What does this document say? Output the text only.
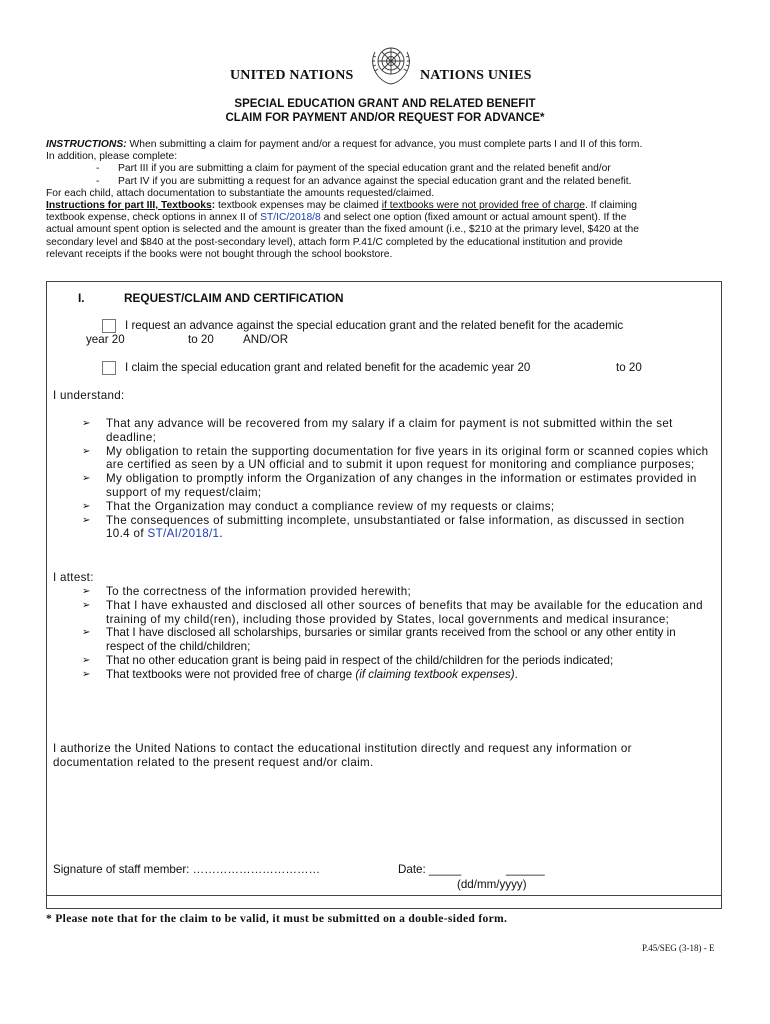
UNITED NATIONS	NATIONS UNIES
SPECIAL EDUCATION GRANT AND RELATED BENEFIT
CLAIM FOR PAYMENT AND/OR REQUEST FOR ADVANCE*
INSTRUCTIONS: When submitting a claim for payment and/or a request for advance, you must complete parts I and II of this form.
In addition, please complete:
- Part III if you are submitting a claim for payment of the special education grant and the related benefit and/or
- Part IV if you are submitting a request for an advance against the special education grant and the related benefit.
For each child, attach documentation to substantiate the amounts requested/claimed.
Instructions for part III, Textbooks: textbook expenses may be claimed if textbooks were not provided free of charge. If claiming
textbook expense, check options in annex II of ST/IC/2018/8 and select one option (fixed amount or actual amount spent). If the
actual amount spent option is selected and the amount is greater than the fixed amount (i.e., $210 at the primary level, $420 at the
secondary level and $840 at the post-secondary level), attach form P.41/C completed by the educational institution and provide
relevant receipts if the books were not bought through the school bookstore.
I.	REQUEST/CLAIM AND CERTIFICATION
I request an advance against the special education grant and the related benefit for the academic
year 20	to 20	AND/OR
I claim the special education grant and related benefit for the academic year 20	to 20
I understand:
➢ That any advance will be recovered from my salary if a claim for payment is not submitted within the set deadline;
➢ My obligation to retain the supporting documentation for five years in its original form or scanned copies which are certified as seen by a UN official and to submit it upon request for monitoring and compliance purposes;
➢ My obligation to promptly inform the Organization of any changes in the information or estimates provided in support of my request/claim;
➢ That the Organization may conduct a compliance review of my requests or claims;
➢ The consequences of submitting incomplete, unsubstantiated or false information, as discussed in section 10.4 of ST/AI/2018/1.
I attest:
➢ To the correctness of the information provided herewith;
➢ That I have exhausted and disclosed all other sources of benefits that may be available for the education and training of my child(ren), including those provided by States, local governments and medical insurance;
➢ That I have disclosed all scholarships, bursaries or similar grants received from the school or any other entity in respect of the child/children;
➢ That no other education grant is being paid in respect of the child/children for the periods indicated;
➢ That textbooks were not provided free of charge (if claiming textbook expenses).
I authorize the United Nations to contact the educational institution directly and request any information or documentation related to the present request and/or claim.
Signature of staff member: ……………………………	Date: _____	______
(dd/mm/yyyy)
* Please note that for the claim to be valid, it must be submitted on a double-sided form.
P.45/SEG (3-18) - E
